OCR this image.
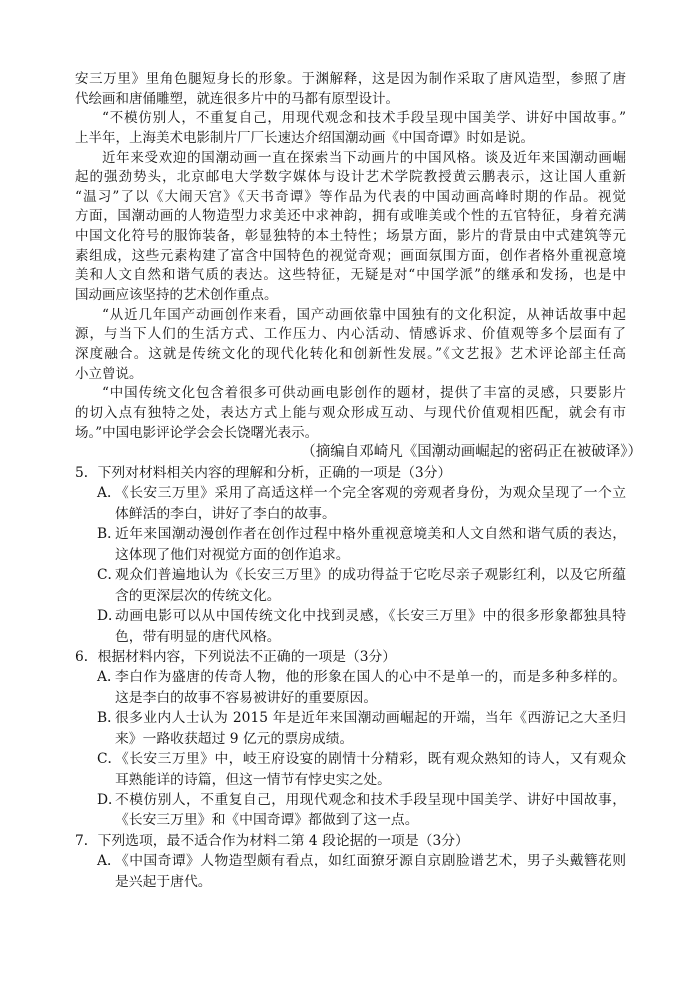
安三万里》里角色腿短身长的形象。于渊解释，这是因为制作采取了唐风造型，参照了唐
代绘画和唐俑雕塑，就连很多片中的马都有原型设计。
“不模仿别人，不重复自己，用现代观念和技术手段呈现中国美学、讲好中国故事。”
上半年，上海美术电影制片厂厂长速达介绍国潮动画《中国奇谭》时如是说。
近年来受欢迎的国潮动画一直在探索当下动画片的中国风格。谈及近年来国潮动画崛
起的强劲势头，北京邮电大学数字媒体与设计艺术学院教授黄云鹏表示，这让国人重新
“温习”了以《大闹天宫》《天书奇谭》等作品为代表的中国动画高峰时期的作品。视觉
方面，国潮动画的人物造型力求美还中求神韵，拥有或唯美或个性的五官特征，身着充满
中国文化符号的服饰装备，彰显独特的本土特性；场景方面，影片的背景由中式建筑等元
素组成，这些元素构建了富含中国特色的视觉奇观；画面氛围方面，创作者格外重视意境
美和人文自然和谐气质的表达。这些特征，无疑是对“中国学派”的继承和发扬，也是中
国动画应该坚持的艺术创作重点。
“从近几年国产动画创作来看，国产动画依靠中国独有的文化积淀，从神话故事中起
源，与当下人们的生活方式、工作压力、内心活动、情感诉求、价值观等多个层面有了
深度融合。这就是传统文化的现代化转化和创新性发展。”《文艺报》艺术评论部主任高
小立曾说。
“中国传统文化包含着很多可供动画电影创作的题材，提供了丰富的灵感，只要影片
的切入点有独特之处，表达方式上能与观众形成互动、与现代价值观相匹配，就会有市
场。”中国电影评论学会会长饶曙光表示。
（摘编自邓崎凡《国潮动画崛起的密码正在被破译》）
5．下列对材料相关内容的理解和分析，正确的一项是（3分）
A．
《长安三万里》采用了高适这样一个完全客观的旁观者身份，为观众呈现了一个立
体鲜活的李白，讲好了李白的故事。
B．
近年来国潮动漫创作者在创作过程中格外重视意境美和人文自然和谐气质的表达，
这体现了他们对视觉方面的创作追求。
C．
观众们普遍地认为《长安三万里》的成功得益于它吃尽亲子观影红利，以及它所蕴
含的更深层次的传统文化。
D．
动画电影可以从中国传统文化中找到灵感，《长安三万里》中的很多形象都独具特
色，带有明显的唐代风格。
6．根据材料内容，下列说法不正确的一项是（3分）
A．
李白作为盛唐的传奇人物，他的形象在国人的心中不是单一的，而是多种多样的。
这是李白的故事不容易被讲好的重要原因。
B．
很多业内人士认为 2015 年是近年来国潮动画崛起的开端，当年《西游记之大圣归
来》一路收获超过 9 亿元的票房成绩。
C．
《长安三万里》中，岐王府设宴的剧情十分精彩，既有观众熟知的诗人，又有观众
耳熟能详的诗篇，但这一情节有悖史实之处。
D．
不模仿别人，不重复自己，用现代观念和技术手段呈现中国美学、讲好中国故事，
《长安三万里》和《中国奇谭》都做到了这一点。
7．下列选项，最不适合作为材料二第 4 段论据的一项是（3分）
A．
《中国奇谭》人物造型颇有看点，如红面獠牙源自京剧脸谱艺术，男子头戴簪花则
是兴起于唐代。
